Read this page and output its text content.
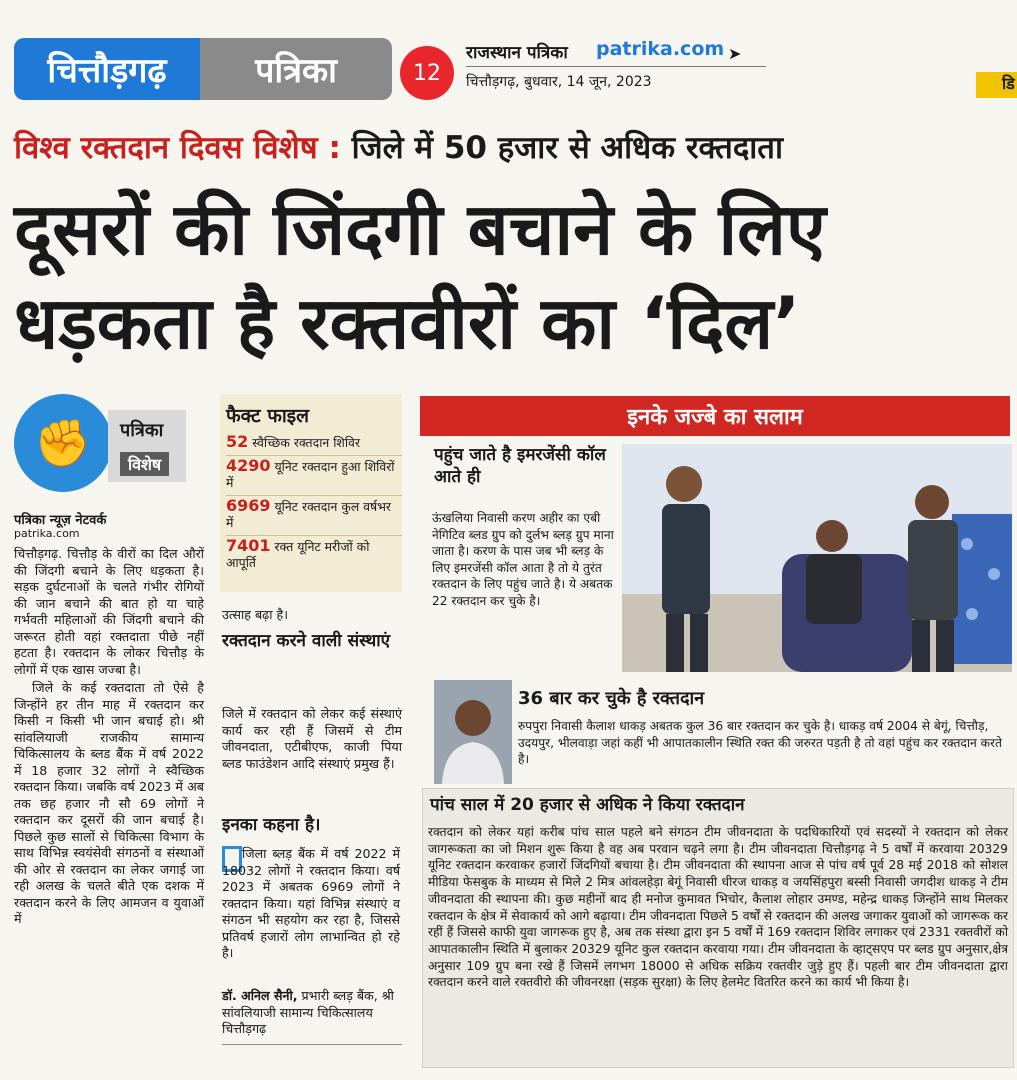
चित्तौड़गढ़	पत्रिका	12
राजस्थान पत्रिका patrika.com ➤
चित्तौड़गढ़, बुधवार, 14 जून, 2023	डि
विश्व रक्तदान दिवस विशेष : जिले में 50 हजार से अधिक रक्तदाता
दूसरों की जिंदगी बचाने के लिए
धड़कता है रक्तवीरों का ‘दिल’
✊	पत्रिका
विशेष
पत्रिका न्यूज़ नेटवर्क
patrika.com

चित्तौड़गढ़. चित्तौड़ के वीरों का दिल औरों की जिंदगी बचाने के लिए धड़कता है। सड़क दुर्घटनाओं के चलते गंभीर रोगियों की जान बचाने की बात हो या चाहे गर्भवती महिलाओं की जिंदगी बचाने की जरूरत होती वहां रक्तदाता पीछे नहीं हटता है। रक्तदान के लोकर चित्तौड़ के लोगों में एक खास जज्बा है।

जिले के कई रक्तदाता तो ऐसे है जिन्होंने हर तीन माह में रक्तदान कर किसी न किसी भी जान बचाई हो। श्री सांवलियाजी राजकीय सामान्य चिकित्सालय के ब्लड बैंक में वर्ष 2022 में 18 हजार 32 लोगों ने स्वैच्छिक रक्तदान किया। जबकि वर्ष 2023 में अब तक छह हजार नौ सौ 69 लोगों ने रक्तदान कर दूसरों की जान बचाई है। पिछले कुछ सालों से चिकित्सा विभाग के साथ विभिन्न स्वयंसेवी संगठनों व संस्थाओं की ओर से रक्तदान का लेकर जगाई जा रही अलख के चलते बीते एक दशक में रक्तदान करने के लिए आमजन व युवाओं में

फैक्ट फाइल
52 स्वैच्छिक रक्तदान शिविर
4290 यूनिट रक्तदान हुआ शिविरों में
6969 यूनिट रक्तदान कुल वर्षभर में
7401 रक्त यूनिट मरीजों को आपूर्ति
उत्साह बढ़ा है।
रक्तदान करने वाली संस्थाएं
जिले में रक्तदान को लेकर कई संस्थाएं कार्य कर रही हैं जिसमें से टीम जीवनदाता, एटीबीएफ, काजी पिया ब्लड फाउंडेशन आदि संस्थाएं प्रमुख हैं।
इनका कहना है।
जिला ब्लड़ बैंक में वर्ष 2022 में 18032 लोगों ने रक्तदान किया। वर्ष 2023 में अबतक 6969 लोगों ने रक्तदान किया। यहां विभिन्न संस्थाएं व संगठन भी सहयोग कर रहा है, जिससे प्रतिवर्ष हजारों लोग लाभान्वित हो रहे है।
डॉ. अनिल सैनी, प्रभारी ब्लड़ बैंक, श्री सांवलियाजी सामान्य चिकित्सालय चित्तौड़गढ़
इनके जज्बे का सलाम
पहुंच जाते है इमरजेंसी कॉल आते ही
ऊंखलिया निवासी करण अहीर का एबी नेगिटिव ब्लड ग्रुप को दुर्लभ ब्लड़ ग्रुप माना जाता है। करण के पास जब भी ब्लड़ के लिए इमरजेंसी कॉल आता है तो ये तुरंत रक्तदान के लिए पहुंच जाते है। ये अबतक 22 रक्तदान कर चुके है।
36 बार कर चुके है रक्तदान
रुपपुरा निवासी कैलाश धाकड़ अबतक कुल 36 बार रक्तदान कर चुके है। धाकड़ वर्ष 2004 से बेगूं, चित्तौड़, उदयपुर, भीलवाड़ा जहां कहीं भी आपातकालीन स्थिति रक्त की जरुरत पड़ती है तो वहां पहुंच कर रक्तदान करते है।
पांच साल में 20 हजार से अधिक ने किया रक्तदान
रक्तदान को लेकर यहां करीब पांच साल पहले बने संगठन टीम जीवनदाता के पदधिकारियों एवं सदस्यों ने रक्तदान को लेकर जागरूकता का जो मिशन शुरू किया है वह अब परवान चढ़ने लगा है। टीम जीवनदाता चित्तौड़गढ़ ने 5 वर्षों में करवाया 20329 यूनिट रक्तदान करवाकर हजारों जिंदगियों बचाया है। टीम जीवनदाता की स्थापना आज से पांच वर्ष पूर्व 28 मई 2018 को सोशल मीडिया फेसबुक के माध्यम से मिले 2 मित्र आंवलहेड़ा बेगूं निवासी धीरज धाकड़ व जयसिंहपुरा बस्सी निवासी जगदीश धाकड़ ने टीम जीवनदाता की स्थापना की। कुछ महीनों बाद ही मनोज कुमावत भिचोर, कैलाश लोहार उमण्ड, महेन्द्र धाकड़ जिन्होंने साथ मिलकर रक्तदान के क्षेत्र में सेवाकार्य को आगे बढ़ाया। टीम जीवनदाता पिछले 5 वर्षों से रक्तदान की अलख जगाकर युवाओं को जागरूक कर रहीं हैं जिससे काफी युवा जागरूक हुए है, अब तक संस्था द्वारा इन 5 वर्षों में 169 रक्तदान शिविर लगाकर एवं 2331 रक्तवीरों को आपातकालीन स्थिति में बुलाकर 20329 यूनिट कुल रक्तदान करवाया गया। टीम जीवनदाता के व्हाट्सएप पर ब्लड ग्रुप अनुसार,क्षेत्र अनुसार 109 ग्रुप बना रखे हैं जिसमें लगभग 18000 से अधिक सक्रिय रक्तवीर जुड़े हुए हैं। पहली बार टीम जीवनदाता द्वारा रक्तदान करने वाले रक्तवीरो की जीवनरक्षा (सड़क सुरक्षा) के लिए हेलमेट वितरित करने का कार्य भी किया है।
